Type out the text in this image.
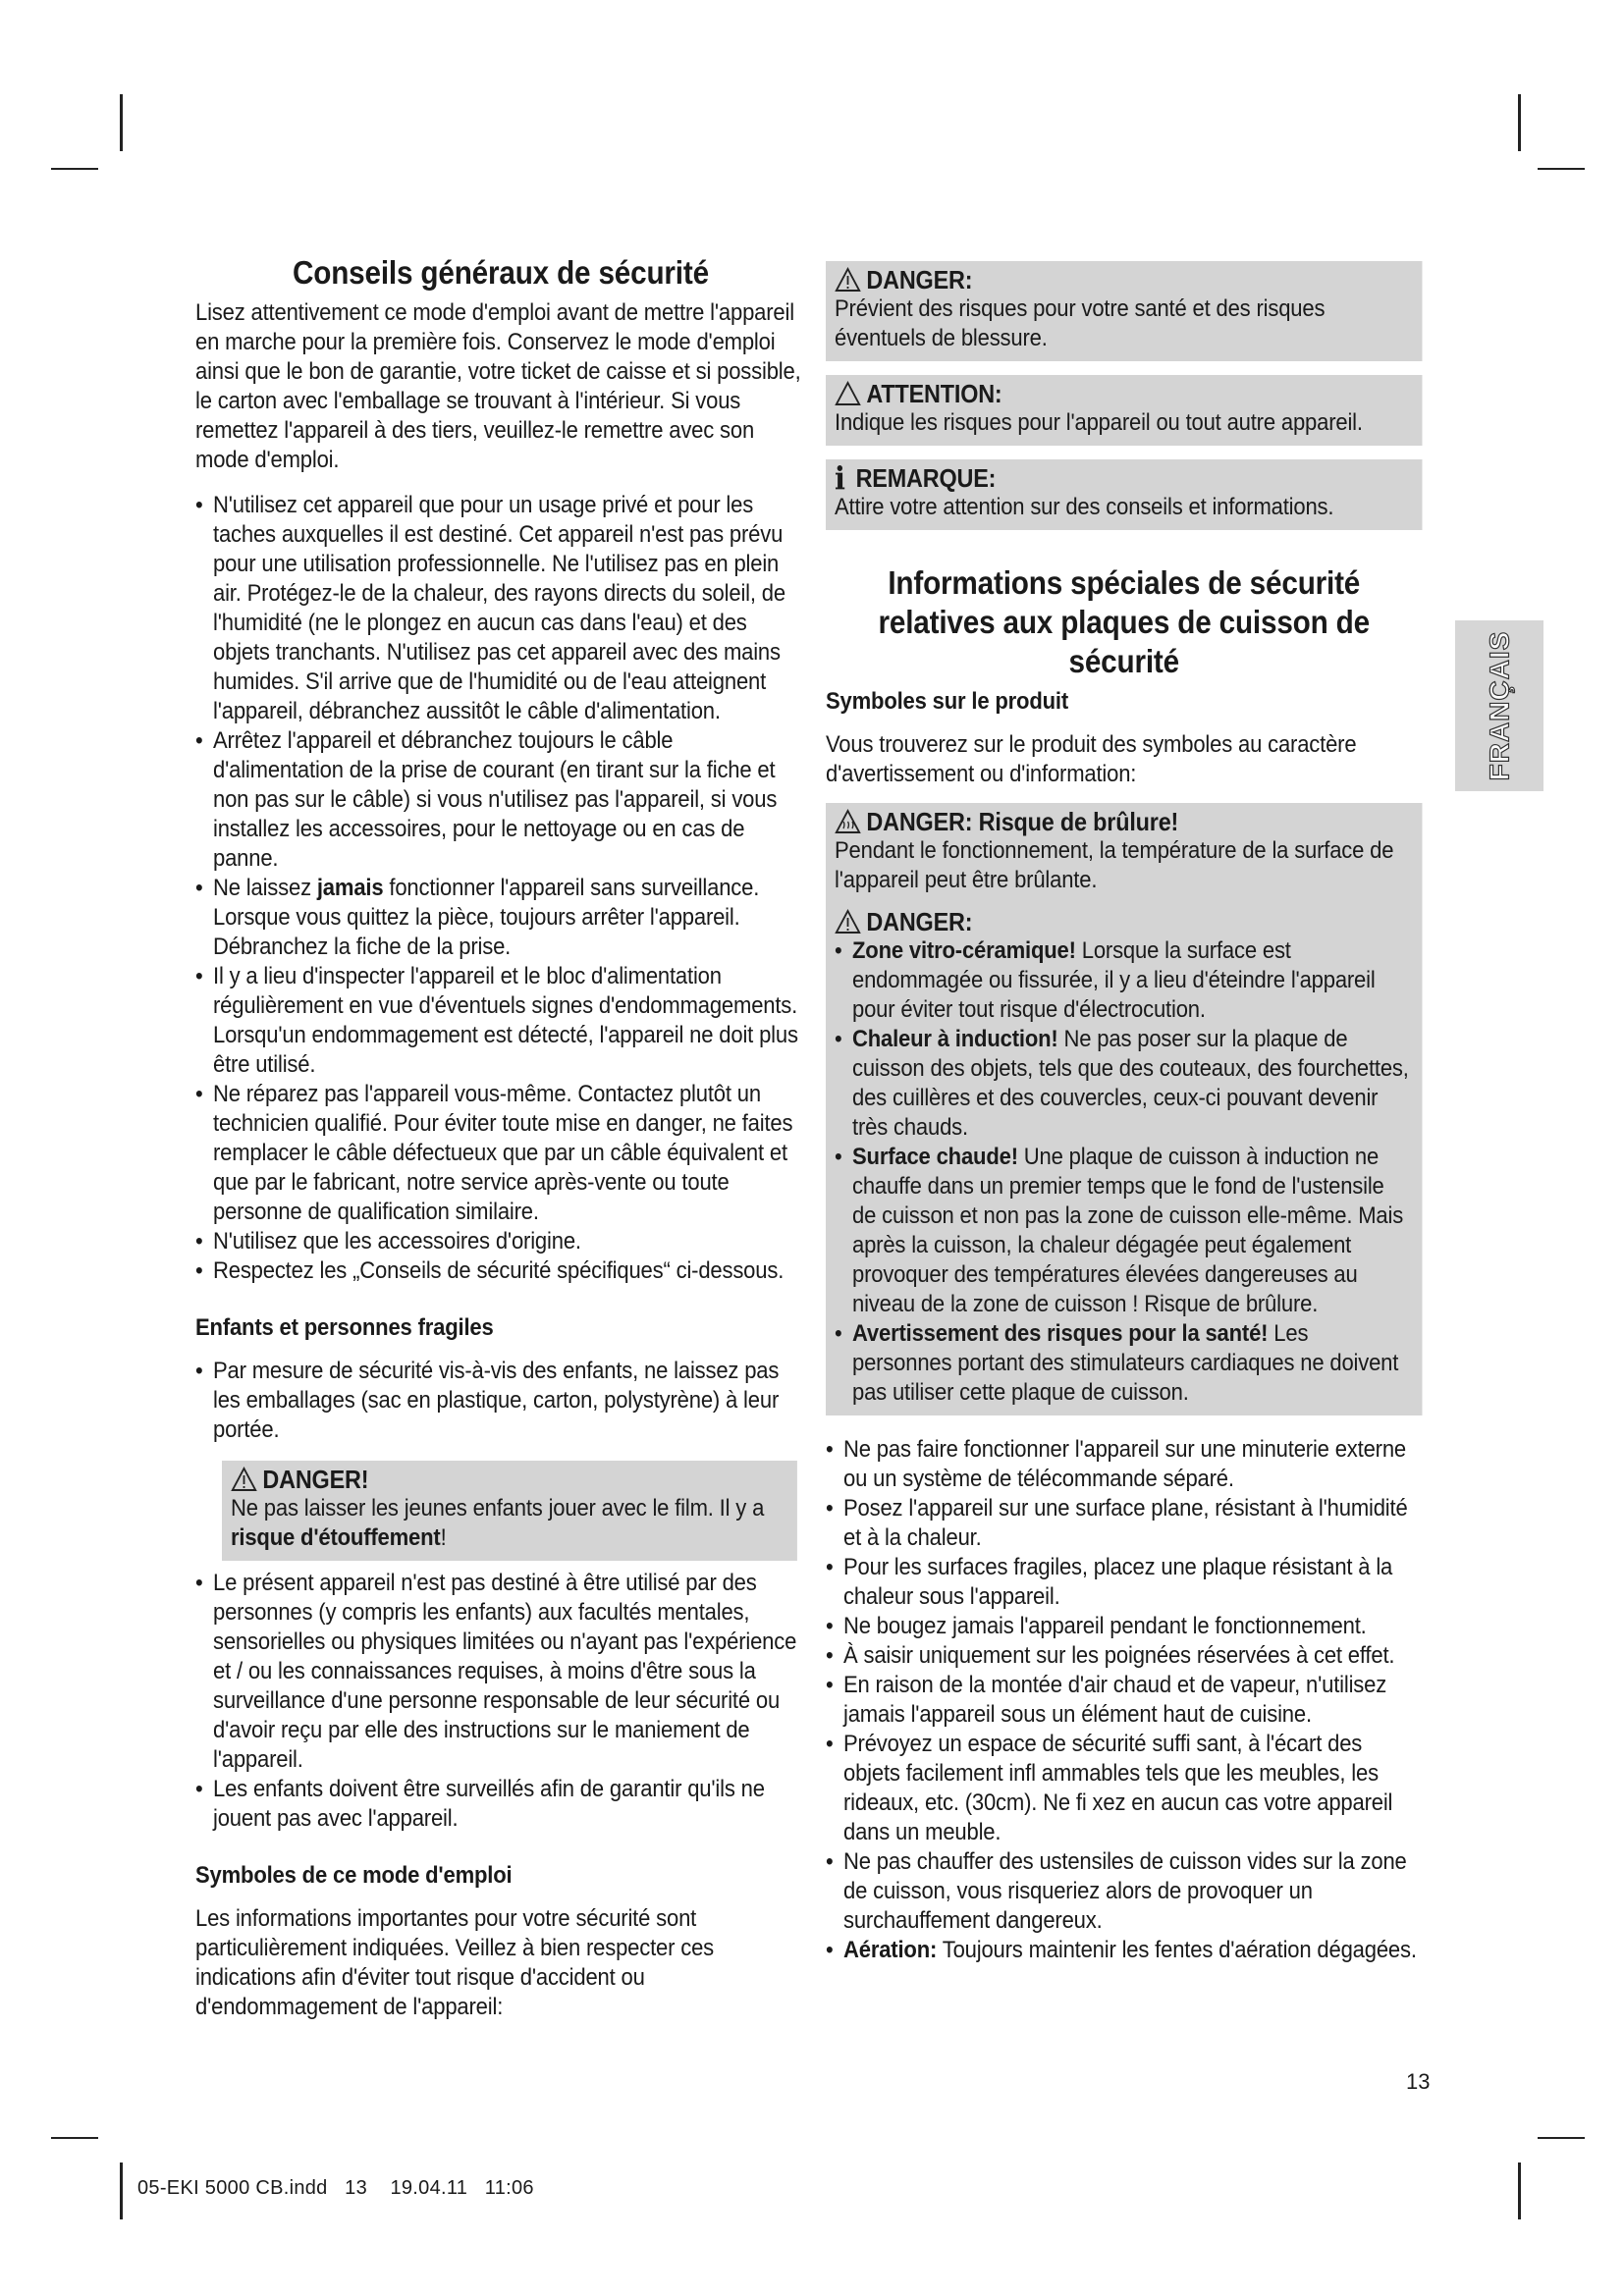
Conseils généraux de sécurité

Lisez attentivement ce mode d'emploi avant de mettre l'appareil en marche pour la première fois. Conservez le mode d'emploi ainsi que le bon de garantie, votre ticket de caisse et si possible, le carton avec l'emballage se trouvant à l'intérieur. Si vous remettez l'appareil à des tiers, veuillez-le remettre avec son mode d'emploi.

• N'utilisez cet appareil que pour un usage privé et pour les taches auxquelles il est destiné. Cet appareil n'est pas prévu pour une utilisation professionnelle. Ne l'utilisez pas en plein air. Protégez-le de la chaleur, des rayons directs du soleil, de l'humidité (ne le plongez en aucun cas dans l'eau) et des objets tranchants. N'utilisez pas cet appareil avec des mains humides. S'il arrive que de l'humidité ou de l'eau atteignent l'appareil, débranchez aussitôt le câble d'alimentation.
• Arrêtez l'appareil et débranchez toujours le câble d'alimentation de la prise de courant (en tirant sur la fiche et non pas sur le câble) si vous n'utilisez pas l'appareil, si vous installez les accessoires, pour le nettoyage ou en cas de panne.
• Ne laissez jamais fonctionner l'appareil sans surveillance. Lorsque vous quittez la pièce, toujours arrêter l'appareil. Débranchez la fiche de la prise.
• Il y a lieu d'inspecter l'appareil et le bloc d'alimentation régulièrement en vue d'éventuels signes d'endommagements. Lorsqu'un endommagement est détecté, l'appareil ne doit plus être utilisé.
• Ne réparez pas l'appareil vous-même. Contactez plutôt un technicien qualifié. Pour éviter toute mise en danger, ne faites remplacer le câble défectueux que par un câble équivalent et que par le fabricant, notre service après-vente ou toute personne de qualification similaire.
• N'utilisez que les accessoires d'origine.
• Respectez les „Conseils de sécurité spécifiques“ ci-dessous.
Enfants et personnes fragiles
• Par mesure de sécurité vis-à-vis des enfants, ne laissez pas les emballages (sac en plastique, carton, polystyrène) à leur portée.
DANGER!

Ne pas laisser les jeunes enfants jouer avec le film. Il y a risque d'étouffement!

• Le présent appareil n'est pas destiné à être utilisé par des personnes (y compris les enfants) aux facultés mentales, sensorielles ou physiques limitées ou n'ayant pas l'expérience et / ou les connaissances requises, à moins d'être sous la surveillance d'une personne responsable de leur sécurité ou d'avoir reçu par elle des instructions sur le maniement de l'appareil.
• Les enfants doivent être surveillés afin de garantir qu'ils ne jouent pas avec l'appareil.
Symboles de ce mode d'emploi

Les informations importantes pour votre sécurité sont particulièrement indiquées. Veillez à bien respecter ces indications afin d'éviter tout risque d'accident ou d'endommagement de l'appareil:

DANGER:

Prévient des risques pour votre santé et des risques éventuels de blessure.

ATTENTION:

Indique les risques pour l'appareil ou tout autre appareil.

i REMARQUE:

Attire votre attention sur des conseils et informations.

Informations spéciales de sécurité
relatives aux plaques de cuisson de sécurité
Symboles sur le produit

Vous trouverez sur le produit des symboles au caractère d'avertissement ou d'information:

DANGER: Risque de brûlure!

Pendant le fonctionnement, la température de la surface de l'appareil peut être brûlante.

DANGER:
• Zone vitro-céramique! Lorsque la surface est endommagée ou fissurée, il y a lieu d'éteindre l'appareil pour éviter tout risque d'électrocution.
• Chaleur à induction! Ne pas poser sur la plaque de cuisson des objets, tels que des couteaux, des fourchettes, des cuillères et des couvercles, ceux-ci pouvant devenir très chauds.
• Surface chaude! Une plaque de cuisson à induction ne chauffe dans un premier temps que le fond de l'ustensile de cuisson et non pas la zone de cuisson elle-même. Mais après la cuisson, la chaleur dégagée peut également provoquer des températures élevées dangereuses au niveau de la zone de cuisson ! Risque de brûlure.
• Avertissement des risques pour la santé! Les personnes portant des stimulateurs cardiaques ne doivent pas utiliser cette plaque de cuisson.
• Ne pas faire fonctionner l'appareil sur une minuterie externe ou un système de télécommande séparé.
• Posez l'appareil sur une surface plane, résistant à l'humidité et à la chaleur.
• Pour les surfaces fragiles, placez une plaque résistant à la chaleur sous l'appareil.
• Ne bougez jamais l'appareil pendant le fonctionnement.
• À saisir uniquement sur les poignées réservées à cet effet.
• En raison de la montée d'air chaud et de vapeur, n'utilisez jamais l'appareil sous un élément haut de cuisine.
• Prévoyez un espace de sécurité suffi sant, à l'écart des objets facilement infl ammables tels que les meubles, les rideaux, etc. (30cm). Ne fi xez en aucun cas votre appareil dans un meuble.
• Ne pas chauffer des ustensiles de cuisson vides sur la zone de cuisson, vous risqueriez alors de provoquer un surchauffement dangereux.
• Aération: Toujours maintenir les fentes d'aération dégagées.
FRANÇAIS
13
05-EKI 5000 CB.indd   13    19.04.11   11:06
